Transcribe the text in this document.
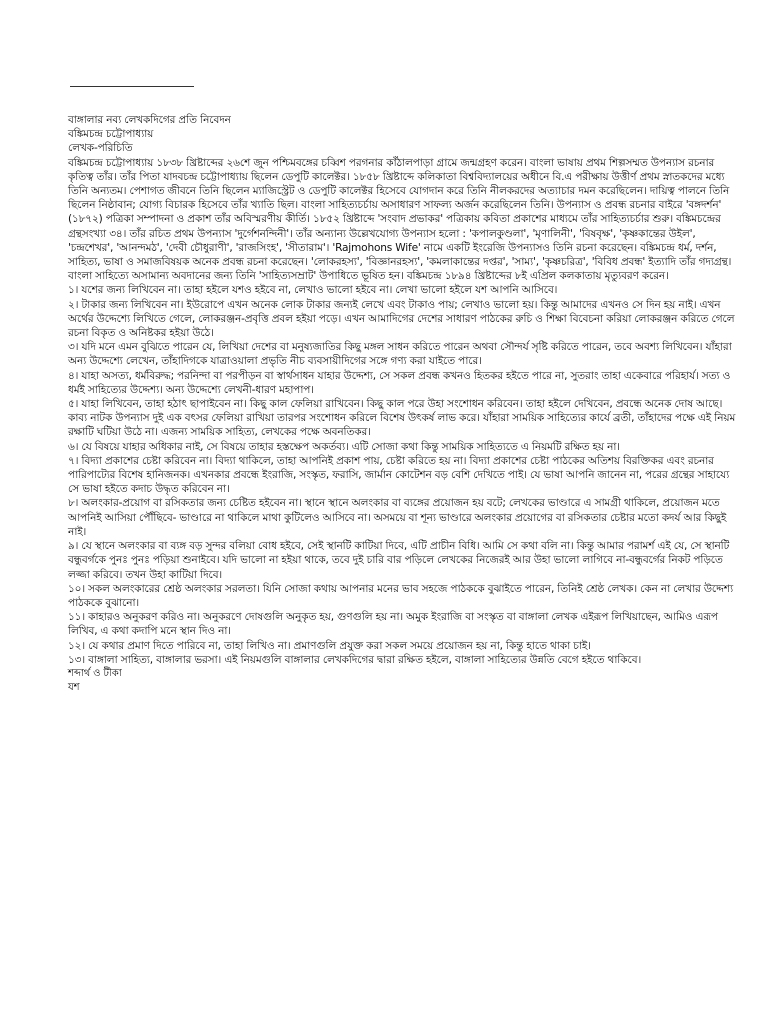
বাঙ্গালার নব্য লেখকদিগের প্রতি নিবেদন

বঙ্কিমচন্দ্র চট্টোপাধ্যায়

লেখক-পরিচিতি

বঙ্কিমচন্দ্র চট্টোপাধ্যায় ১৮৩৮ খ্রিষ্টাব্দের ২৬শে জুন পশ্চিমবঙ্গের চব্বিশ পরগনার কাঁঠালপাড়া গ্রামে জন্মগ্রহণ করেন। বাংলা ভাষায় প্রথম শিল্পসম্মত উপন্যাস রচনার কৃতিত্ব তাঁর। তাঁর পিতা যাদবচন্দ্র চট্টোপাধ্যায় ছিলেন ডেপুটি কালেক্টর। ১৮৫৮ খ্রিষ্টাব্দে কলিকাতা বিশ্ববিদ্যালয়ের অধীনে বি.এ পরীক্ষায় উত্তীর্ণ প্রথম স্নাতকদের মধ্যে তিনি অন্যতম। পেশাগত জীবনে তিনি ছিলেন ম্যাজিস্ট্রেট ও ডেপুটি কালেক্টর হিসেবে যোগদান করে তিনি নীলকরদের অত্যাচার দমন করেছিলেন। দায়িত্ব পালনে তিনি ছিলেন নিষ্ঠাবান; যোগ্য বিচারক হিসেবে তাঁর খ্যাতি ছিল। বাংলা সাহিত্যচর্চায় অসাধারণ সাফল্য অর্জন করেছিলেন তিনি। উপন্যাস ও প্রবন্ধ রচনার বাইরে 'বঙ্গদর্শন' (১৮৭২) পত্রিকা সম্পাদনা ও প্রকাশ তাঁর অবিস্মরণীয় কীর্তি। ১৮৫২ খ্রিষ্টাব্দে 'সংবাদ প্রভাকর' পত্রিকায় কবিতা প্রকাশের মাধ্যমে তাঁর সাহিত্যচর্চার শুরু। বঙ্কিমচন্দ্রের গ্রন্থসংখ্যা ৩৪। তাঁর রচিত প্রথম উপন্যাস 'দুর্গেশনন্দিনী'। তাঁর অন্যান্য উল্লেখযোগ্য উপন্যাস হলো : 'কপালকুণ্ডলা', 'মৃণালিনী', 'বিষবৃক্ষ', 'কৃষ্ণকান্তের উইল', 'চন্দ্রশেখর', 'আনন্দমঠ', 'দেবী চৌধুরাণী', 'রাজসিংহ', 'সীতারাম'। 'Rajmohons Wife' নামে একটি ইংরেজি উপন্যাসও তিনি রচনা করেছেন। বঙ্কিমচন্দ্র ধর্ম, দর্শন, সাহিত্য, ভাষা ও সমাজবিষয়ক অনেক প্রবন্ধ রচনা করেছেন। 'লোকরহস্য', 'বিজ্ঞানরহস্য', 'কমলাকান্তের দপ্তর', 'সাম্য', 'কৃষ্ণচরিত্র', 'বিবিধ প্রবন্ধ' ইত্যাদি তাঁর গদ্যগ্রন্থ। বাংলা সাহিত্যে অসামান্য অবদানের জন্য তিনি 'সাহিত্যসম্রাট' উপাধিতে ভূষিত হন। বঙ্কিমচন্দ্র ১৮৯৪ খ্রিষ্টাব্দের ৮ই এপ্রিল কলকাতায় মৃত্যুবরণ করেন।

১। যশের জন্য লিখিবেন না। তাহা হইলে যশও হইবে না, লেখাও ভালো হইবে না। লেখা ভালো হইলে যশ আপনি আসিবে।

২। টাকার জন্য লিখিবেন না। ইউরোপে এখন অনেক লোক টাকার জন্যই লেখে এবং টাকাও পায়; লেখাও ভালো হয়। কিন্তু আমাদের এখনও সে দিন হয় নাই। এখন অর্থের উদ্দেশ্যে লিখিতে গেলে, লোকরঞ্জন-প্রবৃত্তি প্রবল হইয়া পড়ে। এখন আমাদিগের দেশের সাধারণ পাঠকের রুচি ও শিক্ষা বিবেচনা করিয়া লোকরঞ্জন করিতে গেলে রচনা বিকৃত ও অনিষ্টকর হইয়া উঠে।

৩। যদি মনে এমন বুঝিতে পারেন যে, লিখিয়া দেশের বা মনুষ্যজাতির কিছু মঙ্গল সাধন করিতে পারেন অথবা সৌন্দর্য সৃষ্টি করিতে পারেন, তবে অবশ্য লিখিবেন। যাঁহারা অন্য উদ্দেশ্যে লেখেন, তাঁহাদিগকে যাত্রাওয়ালা প্রভৃতি নীচ ব্যবসায়ীদিগের সঙ্গে গণ্য করা যাইতে পারে।

৪। যাহা অসত্য, ধর্মবিরুদ্ধ; পরনিন্দা বা পরপীড়ন বা স্বার্থসাধন যাহার উদ্দেশ্য, সে সকল প্রবন্ধ কখনও হিতকর হইতে পারে না, সুতরাং তাহা একেবারে পরিহার্য। সত্য ও ধর্মই সাহিত্যের উদ্দেশ্য। অন্য উদ্দেশ্যে লেখনী-ধারণ মহাপাপ।

৫। যাহা লিখিবেন, তাহা হঠাৎ ছাপাইবেন না। কিছু কাল ফেলিয়া রাখিবেন। কিছু কাল পরে উহা সংশোধন করিবেন। তাহা হইলে দেখিবেন, প্রবন্ধে অনেক দোষ আছে। কাব্য নাটক উপন্যাস দুই এক বৎসর ফেলিয়া রাখিয়া তারপর সংশোধন করিলে বিশেষ উৎকর্ষ লাভ করে। যাঁহারা সাময়িক সাহিত্যের কার্যে ব্রতী, তাঁহাদের পক্ষে এই নিয়ম রক্ষাটি ঘটিয়া উঠে না। এজন্য সাময়িক সাহিত্য, লেখকের পক্ষে অবনতিকর।

৬। যে বিষয়ে যাহার অধিকার নাই, সে বিষয়ে তাহার হস্তক্ষেপ অকর্তব্য। এটি সোজা কথা কিন্তু সাময়িক সাহিত্যতে এ নিয়মটি রক্ষিত হয় না।

৭। বিদ্যা প্রকাশের চেষ্টা করিবেন না। বিদ্যা থাকিলে, তাহা আপনিই প্রকাশ পায়, চেষ্টা করিতে হয় না। বিদ্যা প্রকাশের চেষ্টা পাঠকের অতিশয় বিরক্তিকর এবং রচনার পারিপাট্যের বিশেষ হানিজনক। এখনকার প্রবন্ধে ইংরাজি, সংস্কৃত, ফরাসি, জার্মান কোটেশন বড় বেশি দেখিতে পাই। যে ভাষা আপনি জানেন না, পরের গ্রন্থের সাহায্যে সে ভাষা হইতে কদাচ উদ্ধৃত করিবেন না।

৮। অলংকার-প্রয়োগ বা রসিকতার জন্য চেষ্টিত হইবেন না। স্থানে স্থানে অলংকার বা ব্যঙ্গের প্রয়োজন হয় বটে; লেখকের ভাণ্ডারে এ সামগ্রী থাকিলে, প্রয়োজন মতে আপনিই আসিয়া পৌঁছিবে- ভাণ্ডারে না থাকিলে মাথা কুটিলেও আসিবে না। অসময়ে বা শূন্য ভাণ্ডারে অলংকার প্রয়োগের বা রসিকতার চেষ্টার মতো কদর্য আর কিছুই নাই।

৯। যে স্থানে অলংকার বা ব্যঙ্গ বড় সুন্দর বলিয়া বোধ হইবে, সেই স্থানটি কাটিয়া দিবে, এটি প্রাচীন বিধি। আমি সে কথা বলি না। কিন্তু আমার পরামর্শ এই যে, সে স্থানটি বন্ধুবর্গকে পুনঃ পুনঃ পড়িয়া শুনাইবে। যদি ভালো না হইয়া থাকে, তবে দুই চারি বার পড়িলে লেখকের নিজেরই আর উহা ভালো লাগিবে না-বন্ধুবর্গের নিকট পড়িতে লজ্জা করিবে। তখন উহা কাটিয়া দিবে।

১০। সকল অলংকারের শ্রেষ্ঠ অলংকার সরলতা। যিনি সোজা কথায় আপনার মনের ভাব সহজে পাঠককে বুঝাইতে পারেন, তিনিই শ্রেষ্ঠ লেখক। কেন না লেখার উদ্দেশ্য পাঠককে বুঝানো।

১১। কাহারও অনুকরণ করিও না। অনুকরণে দোষগুলি অনুকৃত হয়, গুণগুলি হয় না। অমুক ইংরাজি বা সংস্কৃত বা বাঙ্গালা লেখক এইরূপ লিখিয়াছেন, আমিও এরূপ লিখিব, এ কথা কদাপি মনে স্থান দিও না।

১২। যে কথার প্রমাণ দিতে পারিবে না, তাহা লিখিও না। প্রমাণগুলি প্রযুক্ত করা সকল সময়ে প্রয়োজন হয় না, কিন্তু হাতে থাকা চাই।

১৩। বাঙ্গালা সাহিত্য, বাঙ্গালার ভরসা। এই নিয়মগুলি বাঙ্গালার লেখকদিগের দ্বারা রক্ষিত হইলে, বাঙ্গালা সাহিত্যের উন্নতি বেগে হইতে থাকিবে।

শব্দার্থ ও টীকা

যশ
